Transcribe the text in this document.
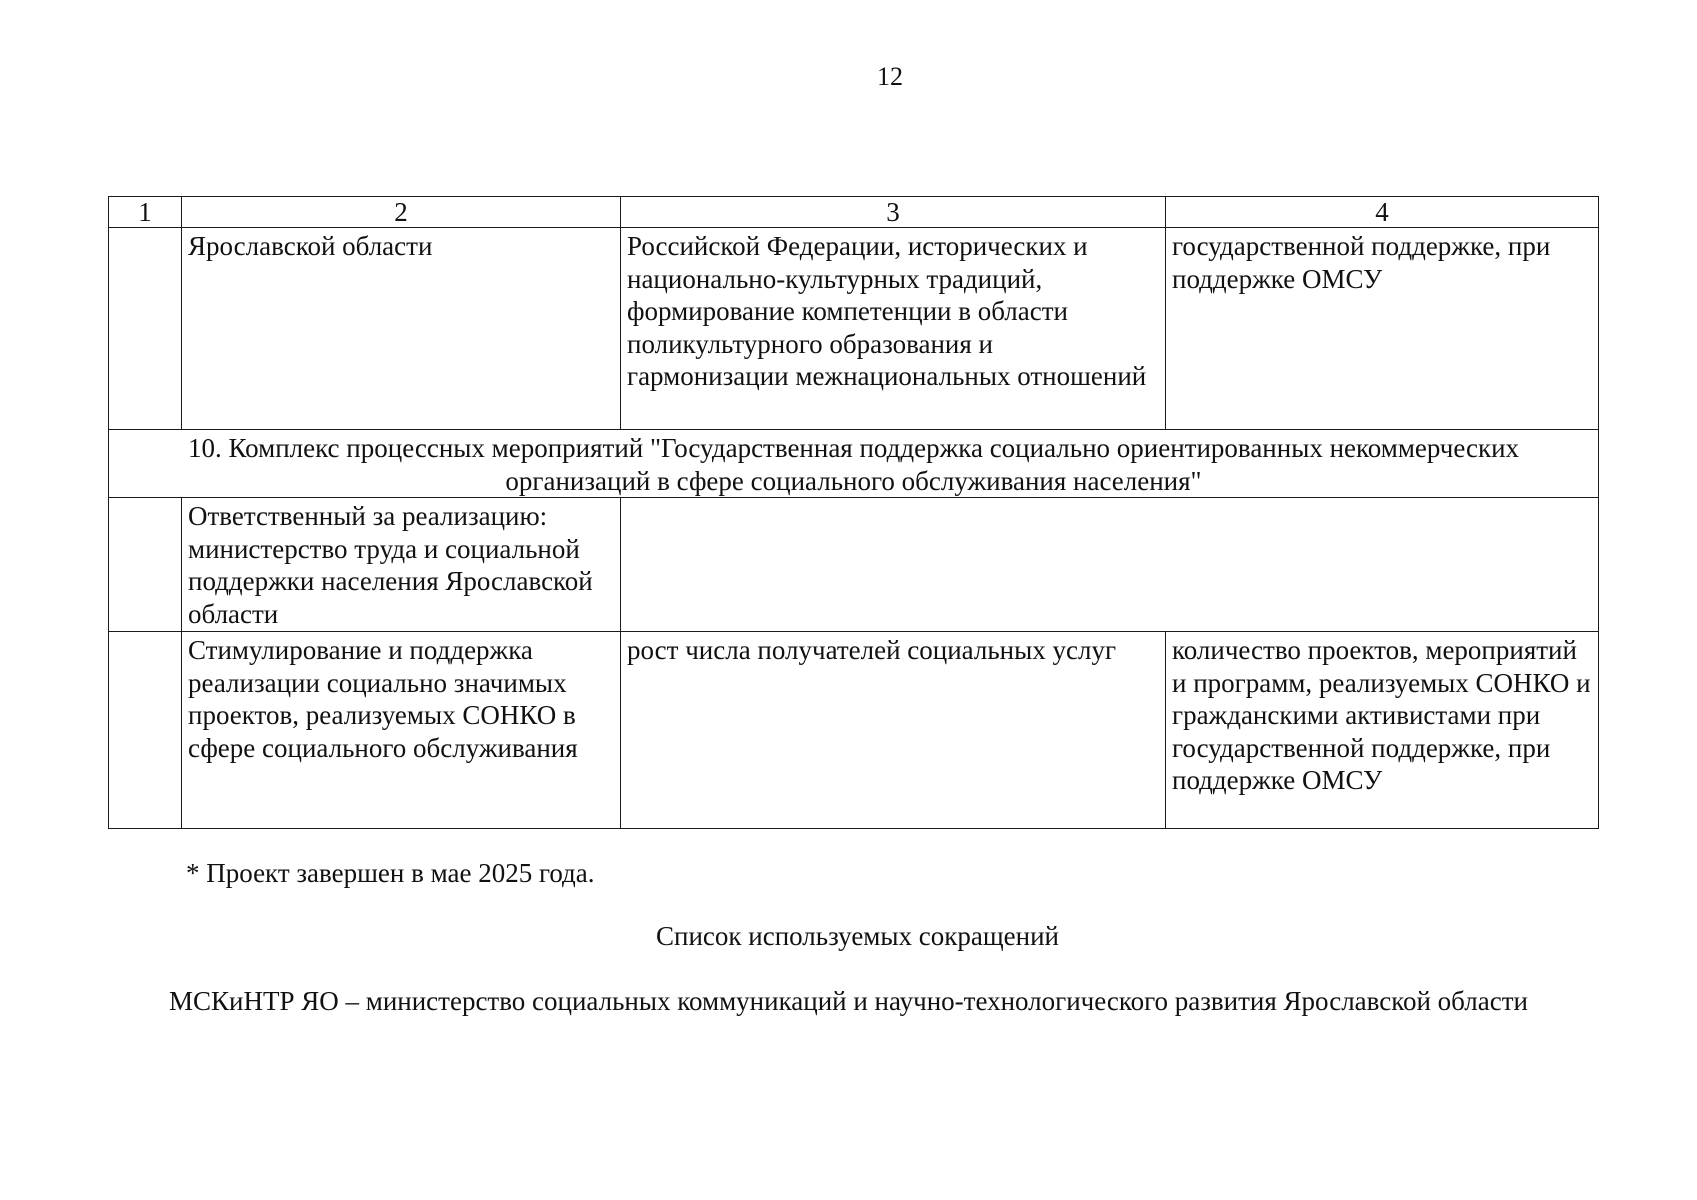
12
1	2	3	4
	Ярославской области	Российской Федерации, исторических и национально-культурных традиций, формирование компетенции в области поликультурного образования и гармонизации межнациональных отношений	государственной поддержке, при поддержке ОМСУ
10. Комплекс процессных мероприятий "Государственная поддержка социально ориентированных некоммерческих организаций в сфере социального обслуживания населения"			
	Ответственный за реализацию: министерство труда и социальной поддержки населения Ярославской области		
	Стимулирование и поддержка реализации социально значимых проектов, реализуемых СОНКО в сфере социального обслуживания	рост числа получателей социальных услуг	количество проектов, мероприятий и программ, реализуемых СОНКО и гражданскими активистами при государственной поддержке, при поддержке ОМСУ
* Проект завершен в мае 2025 года.
Список используемых сокращений
МСКиНТР ЯО – министерство социальных коммуникаций и научно-технологического развития Ярославской области
